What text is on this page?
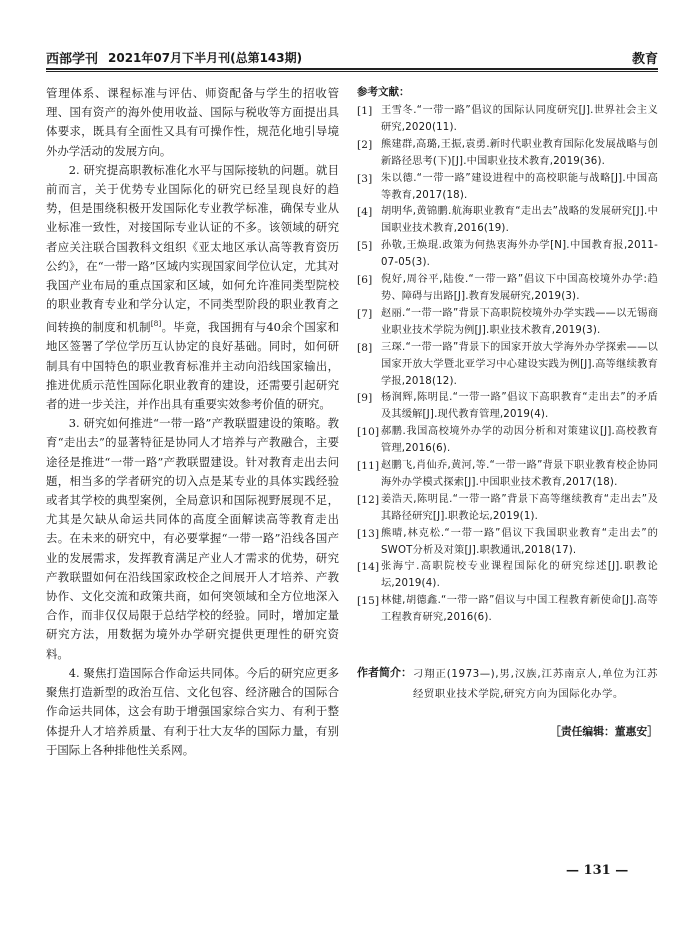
西部学刊 2021年07月下半月刊(总第143期)	教育

管理体系、课程标准与评估、师资配备与学生的招收管理、国有资产的海外使用收益、国际与税收等方面提出具体要求，既具有全面性又具有可操作性，规范化地引导境外办学活动的发展方向。

2. 研究提高职教标准化水平与国际接轨的问题。就目前而言，关于优势专业国际化的研究已经呈现良好的趋势，但是围绕积极开发国际化专业教学标准，确保专业从业标准一致性，对接国际专业认证的不多。该领域的研究者应关注联合国教科文组织《亚太地区承认高等教育资历公约》，在“一带一路”区域内实现国家间学位认定，尤其对我国产业布局的重点国家和区域，如何允许准同类型院校的职业教育专业和学分认定，不同类型阶段的职业教育之间转换的制度和机制[8]。毕竟，我国拥有与40余个国家和地区签署了学位学历互认协定的良好基础。同时，如何研制具有中国特色的职业教育标准并主动向沿线国家输出，推进优质示范性国际化职业教育的建设，还需要引起研究者的进一步关注，并作出具有重要实效参考价值的研究。

3. 研究如何推进“一带一路”产教联盟建设的策略。教育“走出去”的显著特征是协同人才培养与产教融合，主要途径是推进“一带一路”产教联盟建设。针对教育走出去问题，相当多的学者研究的切入点是某专业的具体实践经验或者其学校的典型案例，全局意识和国际视野展现不足，尤其是欠缺从命运共同体的高度全面解读高等教育走出去。在未来的研究中，有必要掌握“一带一路”沿线各国产业的发展需求，发挥教育满足产业人才需求的优势，研究产教联盟如何在沿线国家政校企之间展开人才培养、产教协作、文化交流和政策共商，如何突领域和全方位地深入合作，而非仅仅局限于总结学校的经验。同时，增加定量研究方法，用数据为境外办学研究提供更理性的研究资料。

4. 聚焦打造国际合作命运共同体。今后的研究应更多聚焦打造新型的政治互信、文化包容、经济融合的国际合作命运共同体，这会有助于增强国家综合实力、有利于整体提升人才培养质量、有利于壮大友华的国际力量，有别于国际上各种排他性关系网。

参考文献：
[1] 王雪冬.“一带一路”倡议的国际认同度研究[J].世界社会主义研究,2020(11).
[2] 熊建群,高璐,王振,袁勇.新时代职业教育国际化发展战略与创新路径思考(下)[J].中国职业技术教育,2019(36).
[3] 朱以德.“一带一路”建设进程中的高校职能与战略[J].中国高等教育,2017(18).
[4] 胡明华,黄锦鹏.航海职业教育“走出去”战略的发展研究[J].中国职业技术教育,2016(19).
[5] 孙敬,王焕琨.政策为何热衷海外办学[N].中国教育报,2011-07-05(3).
[6] 倪好,周谷平,陆俊.“一带一路”倡议下中国高校境外办学:趋势、障碍与出路[J].教育发展研究,2019(3).
[7] 赵丽.“一带一路”背景下高职院校境外办学实践——以无锡商业职业技术学院为例[J].职业技术教育,2019(3).
[8] 三琛.“一带一路”背景下的国家开放大学海外办学探索——以国家开放大学暨北亚学习中心建设实践为例[J].高等继续教育学报,2018(12).
[9] 杨润辉,陈明昆.“一带一路”倡议下高职教育“走出去”的矛盾及其缓解[J].现代教育管理,2019(4).
[10] 郝鹏.我国高校境外办学的动因分析和对策建议[J].高校教育管理,2016(6).
[11] 赵鹏飞,肖仙乔,黄河,等.“一带一路”背景下职业教育校企协同海外办学模式探索[J].中国职业技术教育,2017(18).
[12] 姜浩天,陈明昆.“一带一路”背景下高等继续教育“走出去”及其路径研究[J].职教论坛,2019(1).
[13] 熊晴,林克松.“一带一路”倡议下我国职业教育“走出去”的SWOT分析及对策[J].职教通讯,2018(17).
[14] 张海宁.高职院校专业课程国际化的研究综述[J].职教论坛,2019(4).
[15] 林健,胡德鑫.“一带一路”倡议与中国工程教育新使命[J].高等工程教育研究,2016(6).
作者简介： 刁翔正(1973—),男,汉族,江苏南京人,单位为江苏经贸职业技术学院,研究方向为国际化办学。
［责任编辑：董惠安］
— 131 —
